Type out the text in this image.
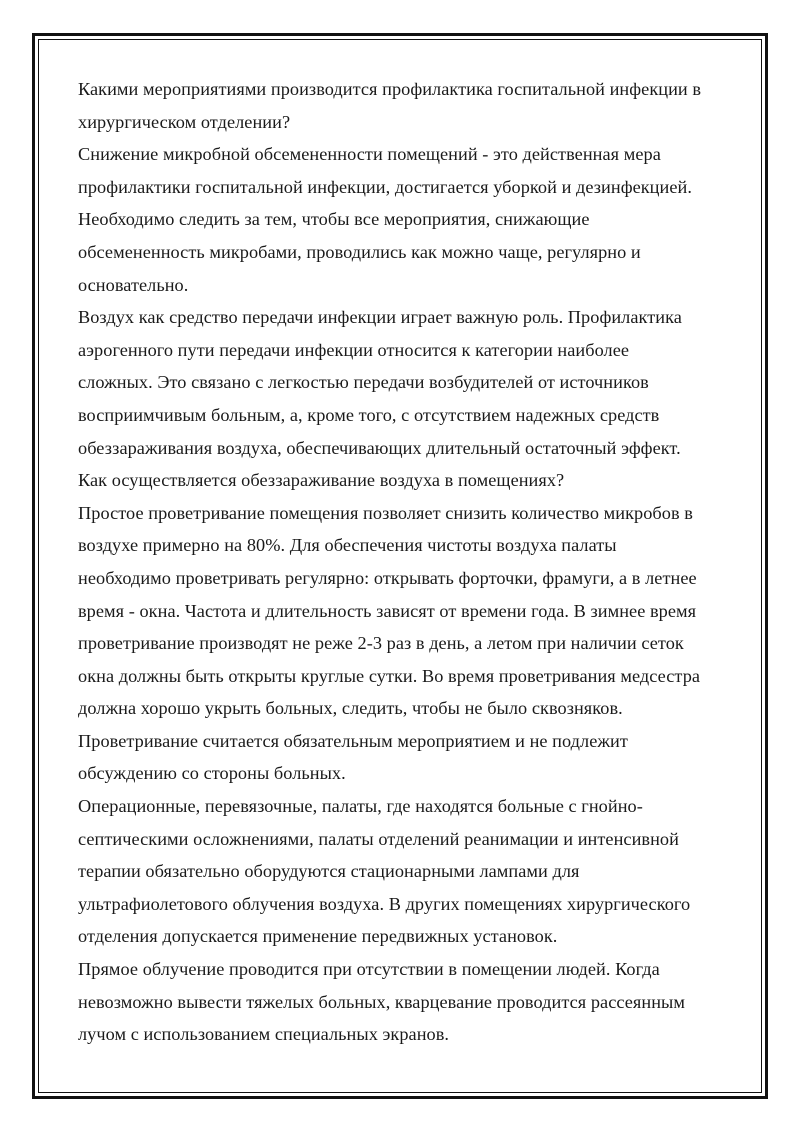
Какими мероприятиями производится профилактика госпитальной инфекции в
хирургическом отделении?

Снижение микробной обсемененности помещений - это действенная мера
профилактики госпитальной инфекции, достигается уборкой и дезинфекцией.
Необходимо следить за тем, чтобы все мероприятия, снижающие
обсемененность микробами, проводились как можно чаще, регулярно и
основательно.

Воздух как средство передачи инфекции играет важную роль. Профилактика
аэрогенного пути передачи инфекции относится к категории наиболее
сложных. Это связано с легкостью передачи возбудителей от источников
восприимчивым больным, а, кроме того, с отсутствием надежных средств
обеззараживания воздуха, обеспечивающих длительный остаточный эффект.

Как осуществляется обеззараживание воздуха в помещениях?

Простое проветривание помещения позволяет снизить количество микробов в
воздухе примерно на 80%. Для обеспечения чистоты воздуха палаты
необходимо проветривать регулярно: открывать форточки, фрамуги, а в летнее
время - окна. Частота и длительность зависят от времени года. В зимнее время
проветривание производят не реже 2-3 раз в день, а летом при наличии сеток
окна должны быть открыты круглые сутки. Во время проветривания медсестра
должна хорошо укрыть больных, следить, чтобы не было сквозняков.
Проветривание считается обязательным мероприятием и не подлежит
обсуждению со стороны больных.

Операционные, перевязочные, палаты, где находятся больные с гнойно-
септическими осложнениями, палаты отделений реанимации и интенсивной
терапии обязательно оборудуются стационарными лампами для
ультрафиолетового облучения воздуха. В других помещениях хирургического
отделения допускается применение передвижных установок.

Прямое облучение проводится при отсутствии в помещении людей. Когда
невозможно вывести тяжелых больных, кварцевание проводится рассеянным
лучом с использованием специальных экранов.
